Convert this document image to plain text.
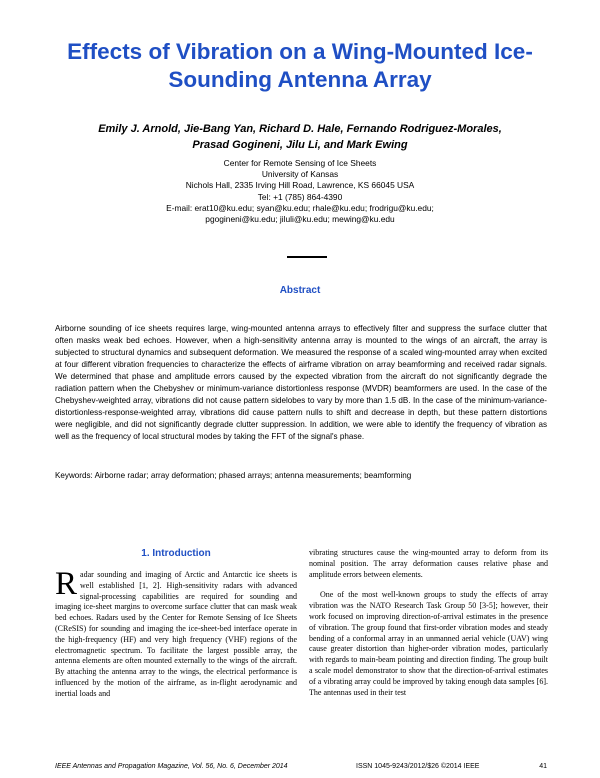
Effects of Vibration on a Wing-Mounted Ice-Sounding Antenna Array
Emily J. Arnold, Jie-Bang Yan, Richard D. Hale, Fernando Rodriguez-Morales,
Prasad Gogineni, Jilu Li, and Mark Ewing
Center for Remote Sensing of Ice Sheets
University of Kansas
Nichols Hall, 2335 Irving Hill Road, Lawrence, KS 66045 USA
Tel: +1 (785) 864-4390
E-mail: erat10@ku.edu; syan@ku.edu; rhale@ku.edu; frodrigu@ku.edu;
pgogineni@ku.edu; jiluli@ku.edu; mewing@ku.edu
Abstract

Airborne sounding of ice sheets requires large, wing-mounted antenna arrays to effectively filter and suppress the surface clutter that often masks weak bed echoes. However, when a high-sensitivity antenna array is mounted to the wings of an aircraft, the array is subjected to structural dynamics and subsequent deformation. We measured the response of a scaled wing-mounted array when excited at four different vibration frequencies to characterize the effects of airframe vibration on array beamforming and received radar signals. We determined that phase and amplitude errors caused by the expected vibration from the aircraft do not significantly degrade the radiation pattern when the Chebyshev or minimum-variance distortionless response (MVDR) beamformers are used. In the case of the Chebyshev-weighted array, vibrations did not cause pattern sidelobes to vary by more than 1.5 dB. In the case of the minimum-variance-distortionless-response-weighted array, vibrations did cause pattern nulls to shift and decrease in depth, but these pattern distortions were negligible, and did not significantly degrade clutter suppression. In addition, we were able to identify the frequency of vibration as well as the frequency of local structural modes by taking the FFT of the signal's phase.

Keywords: Airborne radar; array deformation; phased arrays; antenna measurements; beamforming

1. Introduction

Radar sounding and imaging of Arctic and Antarctic ice sheets is well established [1, 2]. High-sensitivity radars with advanced signal-processing capabilities are required for sounding and imaging ice-sheet margins to overcome surface clutter that can mask weak bed echoes. Radars used by the Center for Remote Sensing of Ice Sheets (CReSIS) for sounding and imaging the ice-sheet-bed interface operate in the high-frequency (HF) and very high frequency (VHF) regions of the electromagnetic spectrum. To facilitate the largest possible array, the antenna elements are often mounted externally to the wings of the aircraft. By attaching the antenna array to the wings, the electrical performance is influenced by the motion of the airframe, as in-flight aerodynamic and inertial loads and

vibrating structures cause the wing-mounted array to deform from its nominal position. The array deformation causes relative phase and amplitude errors between elements.

One of the most well-known groups to study the effects of array vibration was the NATO Research Task Group 50 [3-5]; however, their work focused on improving direction-of-arrival estimates in the presence of vibration. The group found that first-order vibration modes and steady bending of a conformal array in an unmanned aerial vehicle (UAV) wing cause greater distortion than higher-order vibration modes, particularly with regards to main-beam pointing and direction finding. The group built a scale model demonstrator to show that the direction-of-arrival estimates of a vibrating array could be improved by taking enough data samples [6]. The antennas used in their test

IEEE Antennas and Propagation Magazine, Vol. 56, No. 6, December 2014	ISSN 1045-9243/2012/$26 ©2014 IEEE	41
